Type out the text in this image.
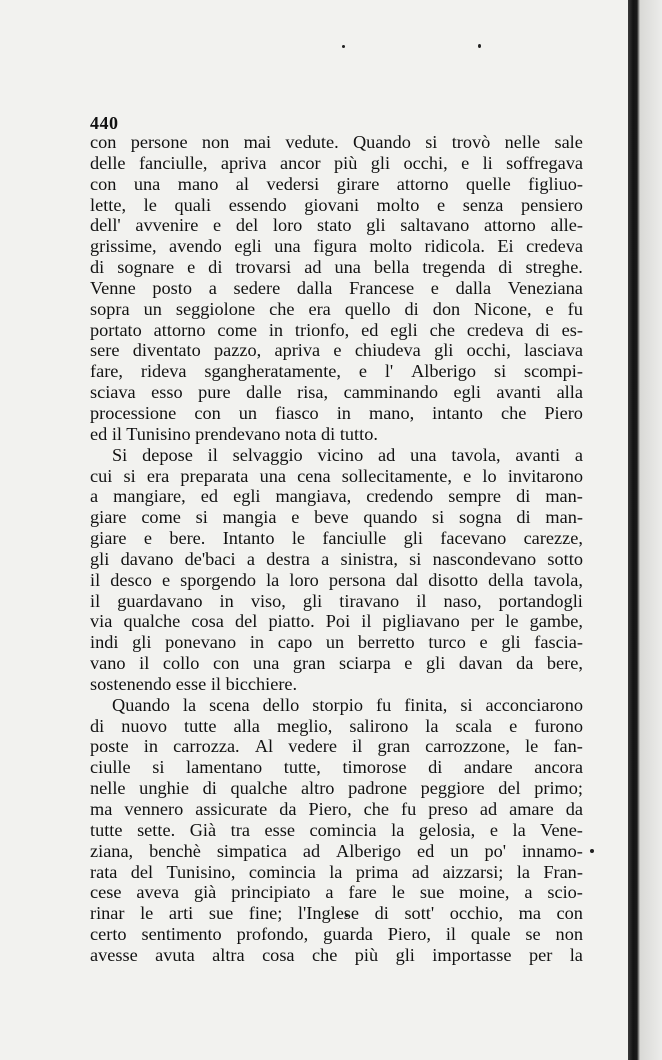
440
con persone non mai vedute. Quando si trovò nelle sale
delle fanciulle, apriva ancor più gli occhi, e li soffregava
con una mano al vedersi girare attorno quelle figliuo-
lette, le quali essendo giovani molto e senza pensiero
dell' avvenire e del loro stato gli saltavano attorno alle-
grissime, avendo egli una figura molto ridicola. Ei credeva
di sognare e di trovarsi ad una bella tregenda di streghe.
Venne posto a sedere dalla Francese e dalla Veneziana
sopra un seggiolone che era quello di don Nicone, e fu
portato attorno come in trionfo, ed egli che credeva di es-
sere diventato pazzo, apriva e chiudeva gli occhi, lasciava
fare, rideva sgangheratamente, e l' Alberigo si scompi-
sciava esso pure dalle risa, camminando egli avanti alla
processione con un fiasco in mano, intanto che Piero
ed il Tunisino prendevano nota di tutto.
Si depose il selvaggio vicino ad una tavola, avanti a
cui si era preparata una cena sollecitamente, e lo invitarono
a mangiare, ed egli mangiava, credendo sempre di man-
giare come si mangia e beve quando si sogna di man-
giare e bere. Intanto le fanciulle gli facevano carezze,
gli davano de'baci a destra a sinistra, si nascondevano sotto
il desco e sporgendo la loro persona dal disotto della tavola,
il guardavano in viso, gli tiravano il naso, portandogli
via qualche cosa del piatto. Poi il pigliavano per le gambe,
indi gli ponevano in capo un berretto turco e gli fascia-
vano il collo con una gran sciarpa e gli davan da bere,
sostenendo esse il bicchiere.
Quando la scena dello storpio fu finita, si acconciarono
di nuovo tutte alla meglio, salirono la scala e furono
poste in carrozza. Al vedere il gran carrozzone, le fan-
ciulle si lamentano tutte, timorose di andare ancora
nelle unghie di qualche altro padrone peggiore del primo;
ma vennero assicurate da Piero, che fu preso ad amare da
tutte sette. Già tra esse comincia la gelosia, e la Vene-
ziana, benchè simpatica ad Alberigo ed un po' innamo-
rata del Tunisino, comincia la prima ad aizzarsi; la Fran-
cese aveva già principiato a fare le sue moine, a scio-
rinar le arti sue fine; l'Inglese di sott' occhio, ma con
certo sentimento profondo, guarda Piero, il quale se non
avesse avuta altra cosa che più gli importasse per la
